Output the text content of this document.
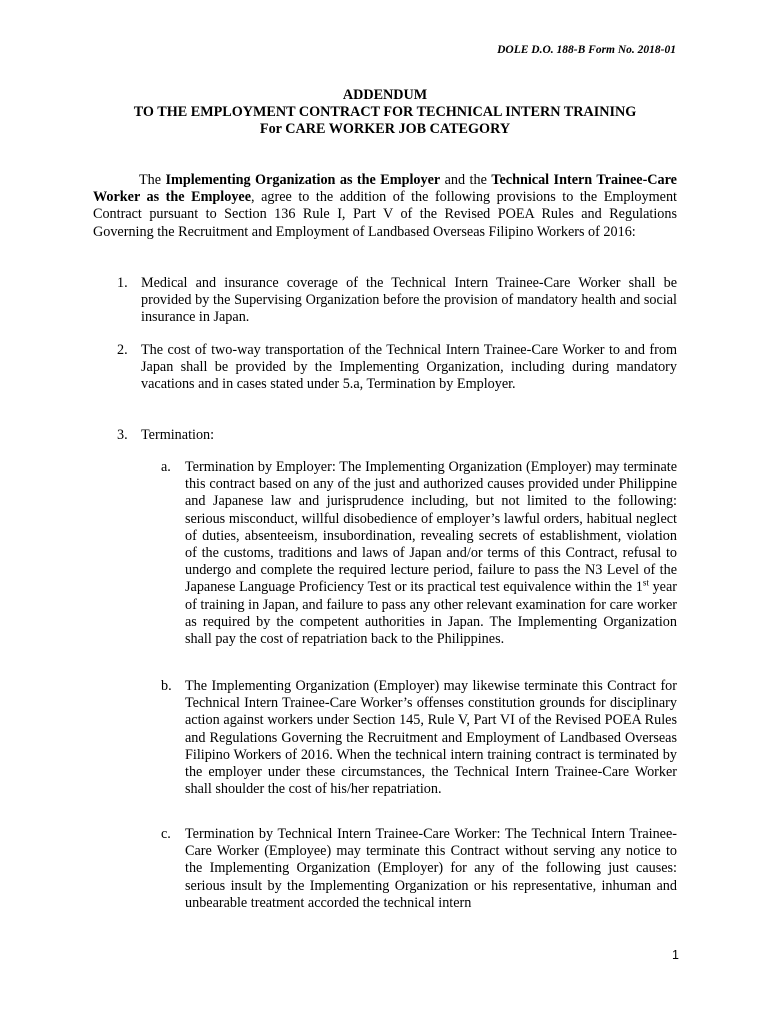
DOLE D.O. 188-B Form No. 2018-01
ADDENDUM
TO THE EMPLOYMENT CONTRACT FOR TECHNICAL INTERN TRAINING
For CARE WORKER JOB CATEGORY
The Implementing Organization as the Employer and the Technical Intern Trainee-Care Worker as the Employee, agree to the addition of the following provisions to the Employment Contract pursuant to Section 136 Rule I, Part V of the Revised POEA Rules and Regulations Governing the Recruitment and Employment of Landbased Overseas Filipino Workers of 2016:
1. Medical and insurance coverage of the Technical Intern Trainee-Care Worker shall be provided by the Supervising Organization before the provision of mandatory health and social insurance in Japan.
2. The cost of two-way transportation of the Technical Intern Trainee-Care Worker to and from Japan shall be provided by the Implementing Organization, including during mandatory vacations and in cases stated under 5.a, Termination by Employer.
3. Termination:
a. Termination by Employer: The Implementing Organization (Employer) may terminate this contract based on any of the just and authorized causes provided under Philippine and Japanese law and jurisprudence including, but not limited to the following: serious misconduct, willful disobedience of employer’s lawful orders, habitual neglect of duties, absenteeism, insubordination, revealing secrets of establishment, violation of the customs, traditions and laws of Japan and/or terms of this Contract, refusal to undergo and complete the required lecture period, failure to pass the N3 Level of the Japanese Language Proficiency Test or its practical test equivalence within the 1st year of training in Japan, and failure to pass any other relevant examination for care worker as required by the competent authorities in Japan. The Implementing Organization shall pay the cost of repatriation back to the Philippines.
b. The Implementing Organization (Employer) may likewise terminate this Contract for Technical Intern Trainee-Care Worker’s offenses constitution grounds for disciplinary action against workers under Section 145, Rule V, Part VI of the Revised POEA Rules and Regulations Governing the Recruitment and Employment of Landbased Overseas Filipino Workers of 2016. When the technical intern training contract is terminated by the employer under these circumstances, the Technical Intern Trainee-Care Worker shall shoulder the cost of his/her repatriation.
c. Termination by Technical Intern Trainee-Care Worker: The Technical Intern Trainee-Care Worker (Employee) may terminate this Contract without serving any notice to the Implementing Organization (Employer) for any of the following just causes: serious insult by the Implementing Organization or his representative, inhuman and unbearable treatment accorded the technical intern
1
